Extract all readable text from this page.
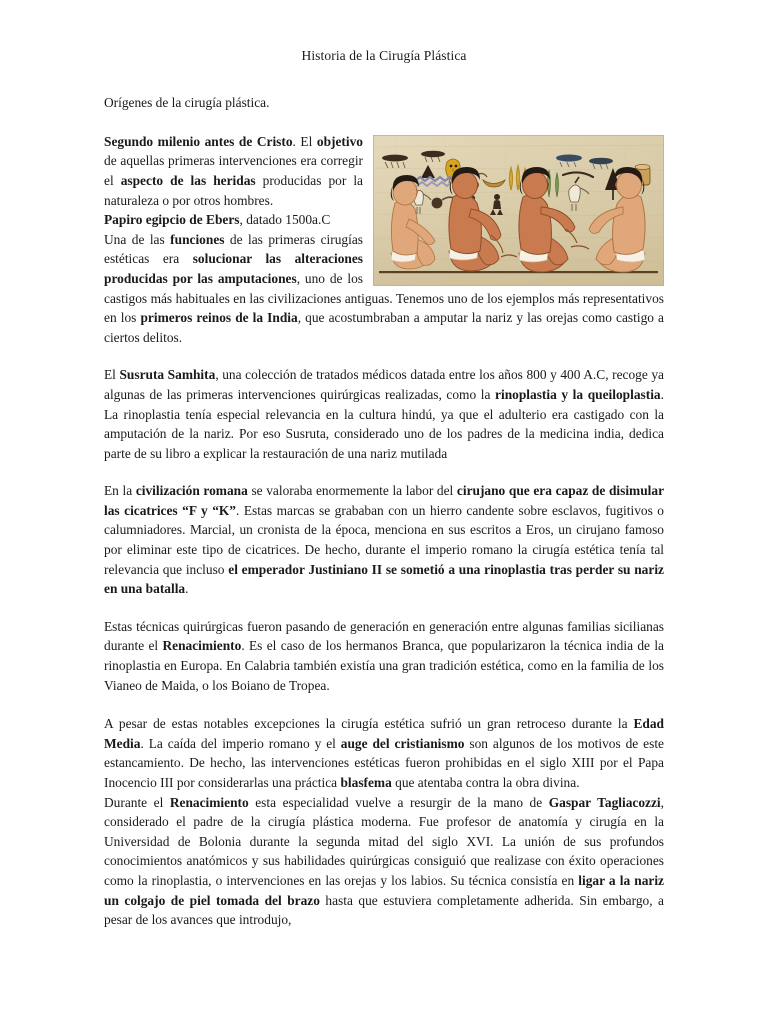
Historia de la Cirugía Plástica

Orígenes de la cirugía plástica.

Segundo milenio antes de Cristo. El objetivo de aquellas primeras intervenciones era corregir el aspecto de las heridas producidas por la naturaleza o por otros hombres.

Papiro egipcio de Ebers, datado 1500a.C

Una de las funciones de las primeras cirugías estéticas era solucionar las alteraciones producidas por las amputaciones, uno de los castigos más habituales en las civilizaciones antiguas. Tenemos uno de los ejemplos más representativos en los primeros reinos de la India, que acostumbraban a amputar la nariz y las orejas como castigo a ciertos delitos.

El Susruta Samhita, una colección de tratados médicos datada entre los años 800 y 400 A.C, recoge ya algunas de las primeras intervenciones quirúrgicas realizadas, como la rinoplastia y la queiloplastia. La rinoplastia tenía especial relevancia en la cultura hindú, ya que el adulterio era castigado con la amputación de la nariz. Por eso Susruta, considerado uno de los padres de la medicina india, dedica parte de su libro a explicar la restauración de una nariz mutilada

En la civilización romana se valoraba enormemente la labor del cirujano que era capaz de disimular las cicatrices “F y “K”. Estas marcas se grababan con un hierro candente sobre esclavos, fugitivos o calumniadores. Marcial, un cronista de la época, menciona en sus escritos a Eros, un cirujano famoso por eliminar este tipo de cicatrices. De hecho, durante el imperio romano la cirugía estética tenía tal relevancia que incluso el emperador Justiniano II se sometió a una rinoplastia tras perder su nariz en una batalla.

Estas técnicas quirúrgicas fueron pasando de generación en generación entre algunas familias sicilianas durante el Renacimiento. Es el caso de los hermanos Branca, que popularizaron la técnica india de la rinoplastia en Europa. En Calabria también existía una gran tradición estética, como en la familia de los Vianeo de Maida, o los Boiano de Tropea.

A pesar de estas notables excepciones la cirugía estética sufrió un gran retroceso durante la Edad Media. La caída del imperio romano y el auge del cristianismo son algunos de los motivos de este estancamiento. De hecho, las intervenciones estéticas fueron prohibidas en el siglo XIII por el Papa Inocencio III por considerarlas una práctica blasfema que atentaba contra la obra divina.

Durante el Renacimiento esta especialidad vuelve a resurgir de la mano de Gaspar Tagliacozzi, considerado el padre de la cirugía plástica moderna. Fue profesor de anatomía y cirugía en la Universidad de Bolonia durante la segunda mitad del siglo XVI. La unión de sus profundos conocimientos anatómicos y sus habilidades quirúrgicas consiguió que realizase con éxito operaciones como la rinoplastia, o intervenciones en las orejas y los labios. Su técnica consistía en ligar a la nariz un colgajo de piel tomada del brazo hasta que estuviera completamente adherida. Sin embargo, a pesar de los avances que introdujo,
